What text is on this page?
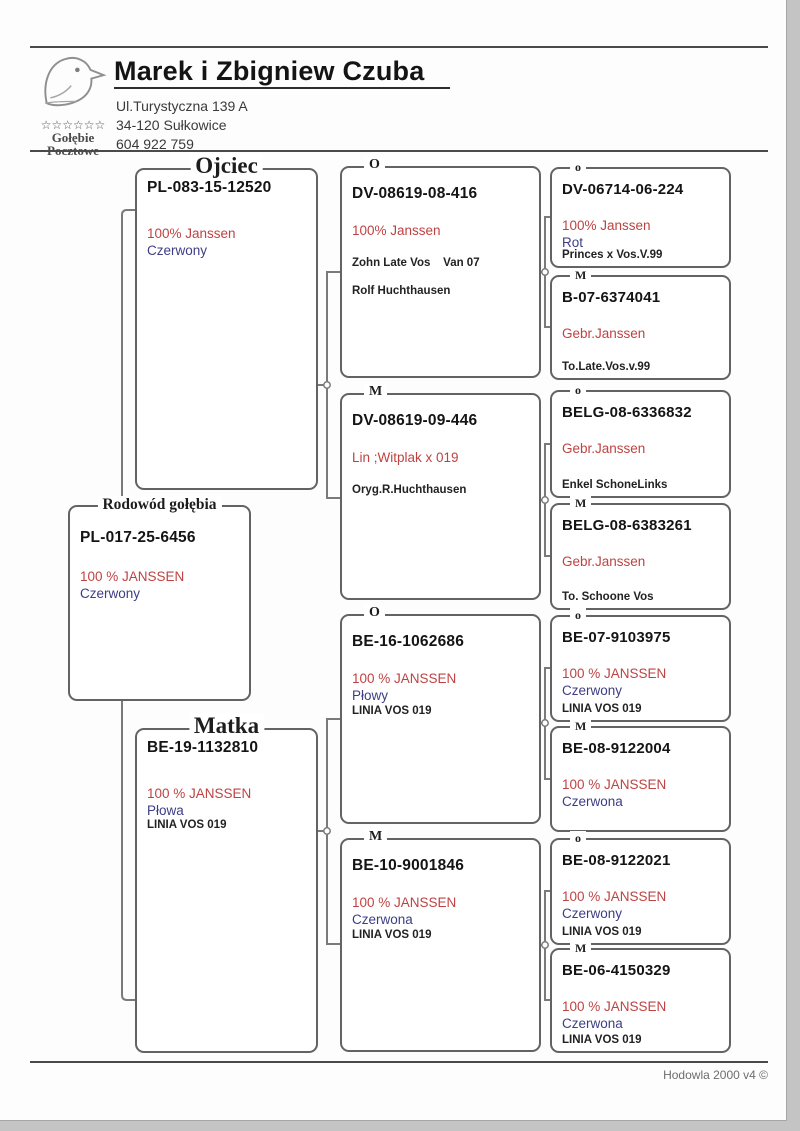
☆☆☆☆☆☆
Gołębie
Pocztowe
Marek i Zbigniew Czuba
Ul.Turystyczna 139 A
34-120 Sułkowice
604 922 759
Rodowód gołębia
PL-017-25-6456
100 % JANSSEN
Czerwony
Ojciec
PL-083-15-12520
100% Janssen
Czerwony
Matka
BE-19-1132810
100 % JANSSEN
Płowa
LINIA VOS 019
O
DV-08619-08-416
100% Janssen
Zohn Late Vos    Van 07
Rolf Huchthausen
M
DV-08619-09-446
Lin ;Witplak x 019
Oryg.R.Huchthausen
O
BE-16-1062686
100 % JANSSEN
Płowy
LINIA VOS 019
M
BE-10-9001846
100 % JANSSEN
Czerwona
LINIA VOS 019
o
DV-06714-06-224
100% Janssen
Rot
Princes x Vos.V.99
M
B-07-6374041
Gebr.Janssen
To.Late.Vos.v.99
o
BELG-08-6336832
Gebr.Janssen
Enkel SchoneLinks
M
BELG-08-6383261
Gebr.Janssen
To. Schoone Vos
o
BE-07-9103975
100 % JANSSEN
Czerwony
LINIA VOS 019
M
BE-08-9122004
100 % JANSSEN
Czerwona
o
BE-08-9122021
100 % JANSSEN
Czerwony
LINIA VOS 019
M
BE-06-4150329
100 % JANSSEN
Czerwona
LINIA VOS 019
Hodowla 2000 v4 ©
